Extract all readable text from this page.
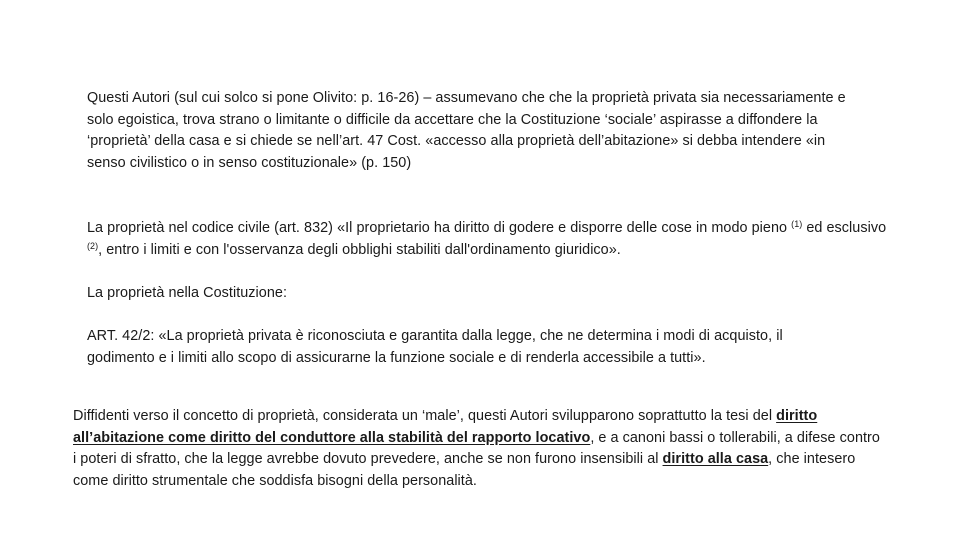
Questi Autori (sul cui solco si pone Olivito: p. 16-26) – assumevano che che la proprietà privata sia necessariamente e solo egoistica, trova strano o limitante o difficile da accettare che la Costituzione ‘sociale’ aspirasse a diffondere la ‘proprietà’ della casa e si chiede se nell’art. 47 Cost. «accesso alla proprietà dell’abitazione» si debba intendere «in senso civilistico o in senso costituzionale» (p. 150)

La proprietà nel codice civile (art. 832) «Il proprietario ha diritto di godere e disporre delle cose in modo pieno $^{(1)}$ ed esclusivo $^{(2)}$, entro i limiti e con l'osservanza degli obblighi stabiliti dall'ordinamento giuridico».

La proprietà nella Costituzione:

ART. 42/2: «La proprietà privata è riconosciuta e garantita dalla legge, che ne determina i modi di acquisto, il godimento e i limiti allo scopo di assicurarne la funzione sociale e di renderla accessibile a tutti».

Diffidenti verso il concetto di proprietà, considerata un ‘male’, questi Autori svilupparono soprattutto la tesi del diritto all’abitazione come diritto del conduttore alla stabilità del rapporto locativo, e a canoni bassi o tollerabili, a difese contro i poteri di sfratto, che la legge avrebbe dovuto prevedere, anche se non furono insensibili al diritto alla casa, che intesero come diritto strumentale che soddisfa bisogni della personalità.
